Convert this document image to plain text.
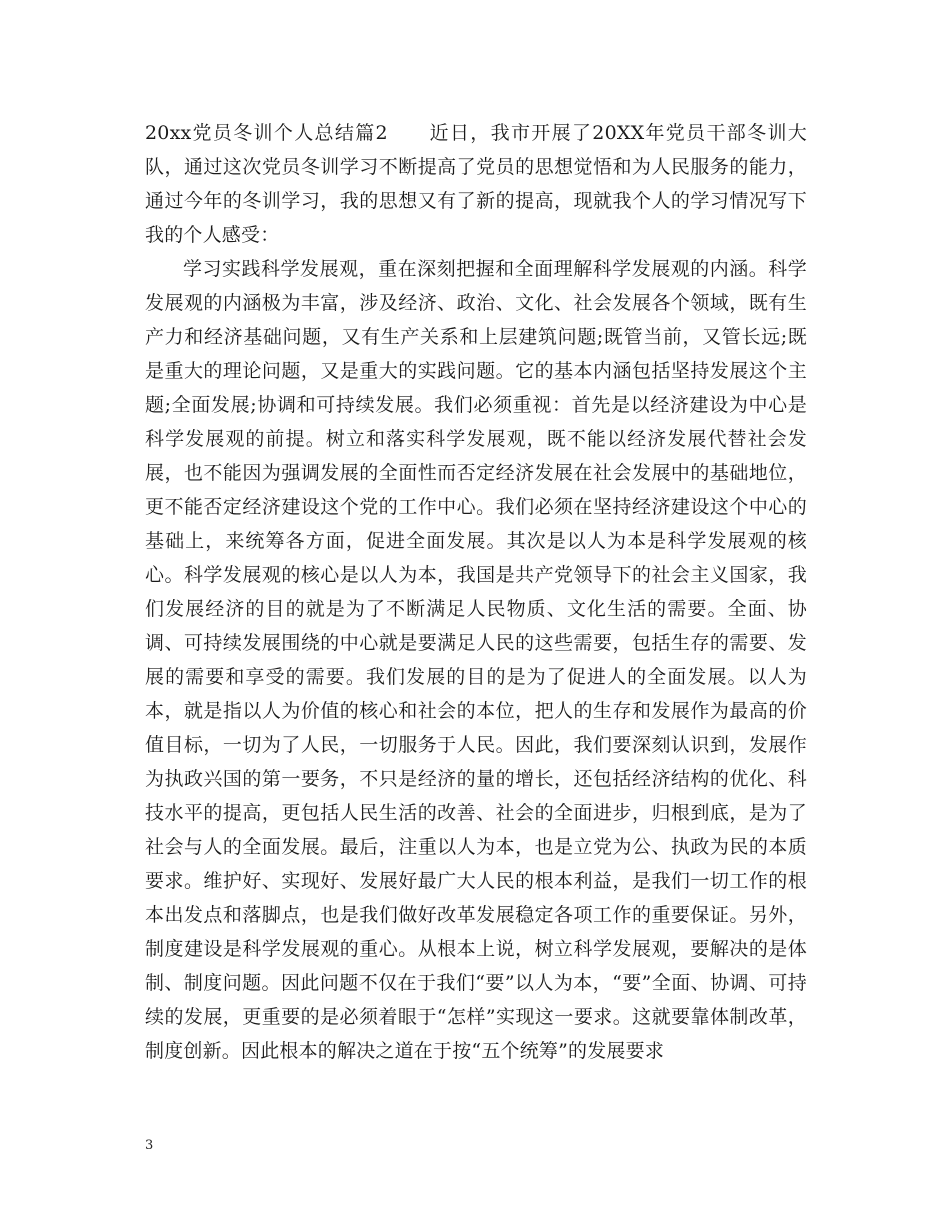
20xx党员冬训个人总结篇2　　 近日，我市开展了20XX年党员干部冬训大队，通过这次党员冬训学习不断提高了党员的思想觉悟和为人民服务的能力，通过今年的冬训学习，我的思想又有了新的提高，现就我个人的学习情况写下我的个人感受：

学习实践科学发展观，重在深刻把握和全面理解科学发展观的内涵。科学发展观的内涵极为丰富，涉及经济、政治、文化、社会发展各个领域，既有生产力和经济基础问题，又有生产关系和上层建筑问题;既管当前，又管长远;既是重大的理论问题，又是重大的实践问题。它的基本内涵包括坚持发展这个主题;全面发展;协调和可持续发展。我们必须重视：首先是以经济建设为中心是科学发展观的前提。树立和落实科学发展观，既不能以经济发展代替社会发展，也不能因为强调发展的全面性而否定经济发展在社会发展中的基础地位，更不能否定经济建设这个党的工作中心。我们必须在坚持经济建设这个中心的基础上，来统筹各方面，促进全面发展。其次是以人为本是科学发展观的核心。科学发展观的核心是以人为本，我国是共产党领导下的社会主义国家，我们发展经济的目的就是为了不断满足人民物质、文化生活的需要。全面、协调、可持续发展围绕的中心就是要满足人民的这些需要，包括生存的需要、发展的需要和享受的需要。我们发展的目的是为了促进人的全面发展。以人为本，就是指以人为价值的核心和社会的本位，把人的生存和发展作为最高的价值目标，一切为了人民，一切服务于人民。因此，我们要深刻认识到，发展作为执政兴国的第一要务，不只是经济的量的增长，还包括经济结构的优化、科技水平的提高，更包括人民生活的改善、社会的全面进步，归根到底，是为了社会与人的全面发展。最后，注重以人为本，也是立党为公、执政为民的本质要求。维护好、实现好、发展好最广大人民的根本利益，是我们一切工作的根本出发点和落脚点，也是我们做好改革发展稳定各项工作的重要保证。另外，制度建设是科学发展观的重心。从根本上说，树立科学发展观，要解决的是体制、制度问题。因此问题不仅在于我们“要”以人为本，“要”全面、协调、可持续的发展，更重要的是必须着眼于“怎样”实现这一要求。这就要靠体制改革，制度创新。因此根本的解决之道在于按“五个统筹”的发展要求

3
